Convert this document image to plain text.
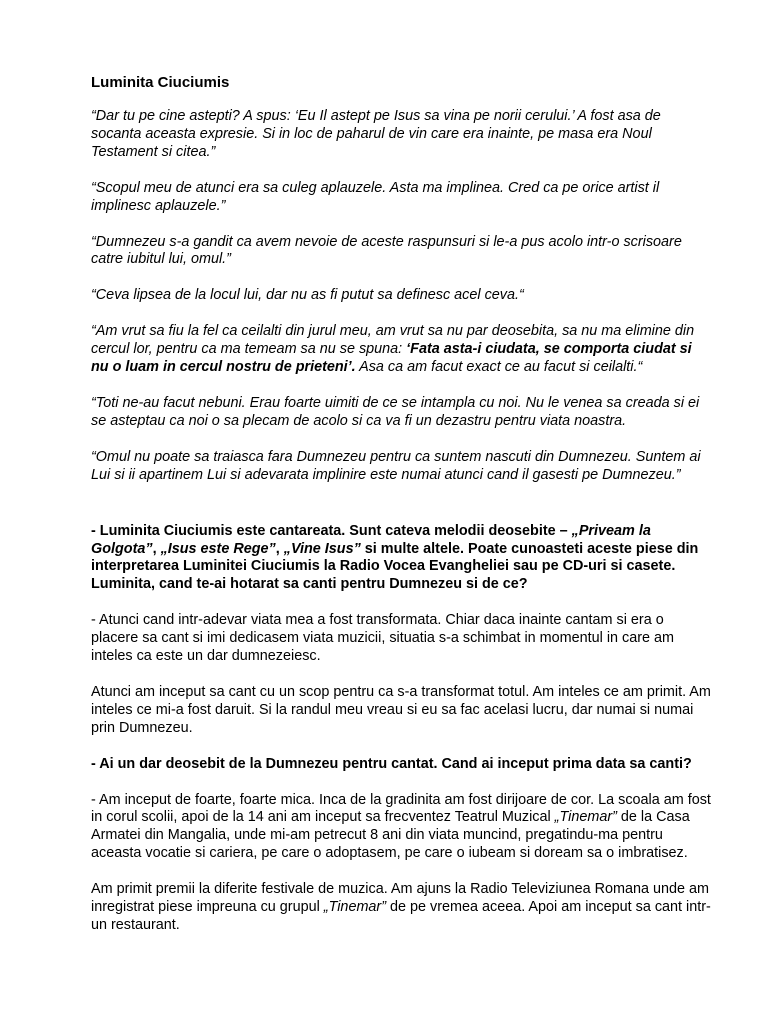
Luminita Ciuciumis

“Dar tu pe cine astepti? A spus: ‘Eu Il astept pe Isus sa vina pe norii cerului.’ A fost asa de socanta aceasta expresie. Si in loc de paharul de vin care era inainte, pe masa era Noul Testament si citea.”

“Scopul meu de atunci era sa culeg aplauzele. Asta ma implinea. Cred ca pe orice artist il implinesc aplauzele.”

“Dumnezeu s-a gandit ca avem nevoie de aceste raspunsuri si le-a pus acolo intr-o scrisoare catre iubitul lui, omul.”

“Ceva lipsea de la locul lui, dar nu as fi putut sa definesc acel ceva.“

“Am vrut sa fiu la fel ca ceilalti din jurul meu, am vrut sa nu par deosebita, sa nu ma elimine din cercul lor, pentru ca ma temeam sa nu se spuna: ‘Fata asta-i ciudata, se comporta ciudat si nu o luam in cercul nostru de prieteni’. Asa ca am facut exact ce au facut si ceilalti.“

“Toti ne-au facut nebuni. Erau foarte uimiti de ce se intampla cu noi. Nu le venea sa creada si ei se asteptau ca noi o sa plecam de acolo si ca va fi un dezastru pentru viata noastra.

“Omul nu poate sa traiasca fara Dumnezeu pentru ca suntem nascuti din Dumnezeu. Suntem ai Lui si ii apartinem Lui si adevarata implinire este numai atunci cand il gasesti pe Dumnezeu.”

- Luminita Ciuciumis este cantareata. Sunt cateva melodii deosebite – „Priveam la Golgota”, „Isus este Rege”, „Vine Isus” si multe altele. Poate cunoasteti aceste piese din interpretarea Luminitei Ciuciumis la Radio Vocea Evangheliei sau pe CD-uri si casete. Luminita, cand te-ai hotarat sa canti pentru Dumnezeu si de ce?

- Atunci cand intr-adevar viata mea a fost transformata. Chiar daca inainte cantam si era o placere sa cant si imi dedicasem viata muzicii, situatia s-a schimbat in momentul in care am inteles ca este un dar dumnezeiesc.

Atunci am inceput sa cant cu un scop pentru ca s-a transformat totul. Am inteles ce am primit. Am inteles ce mi-a fost daruit. Si la randul meu vreau si eu sa fac acelasi lucru, dar numai si numai prin Dumnezeu.

- Ai un dar deosebit de la Dumnezeu pentru cantat. Cand ai inceput prima data sa canti?

- Am inceput de foarte, foarte mica. Inca de la gradinita am fost dirijoare de cor. La scoala am fost in corul scolii, apoi de la 14 ani am inceput sa frecventez Teatrul Muzical „Tinemar” de la Casa Armatei din Mangalia, unde mi-am petrecut 8 ani din viata muncind, pregatindu-ma pentru aceasta vocatie si cariera, pe care o adoptasem, pe care o iubeam si doream sa o imbratisez.

Am primit premii la diferite festivale de muzica. Am ajuns la Radio Televiziunea Romana unde am inregistrat piese impreuna cu grupul „Tinemar” de pe vremea aceea. Apoi am inceput sa cant intr-un restaurant.
